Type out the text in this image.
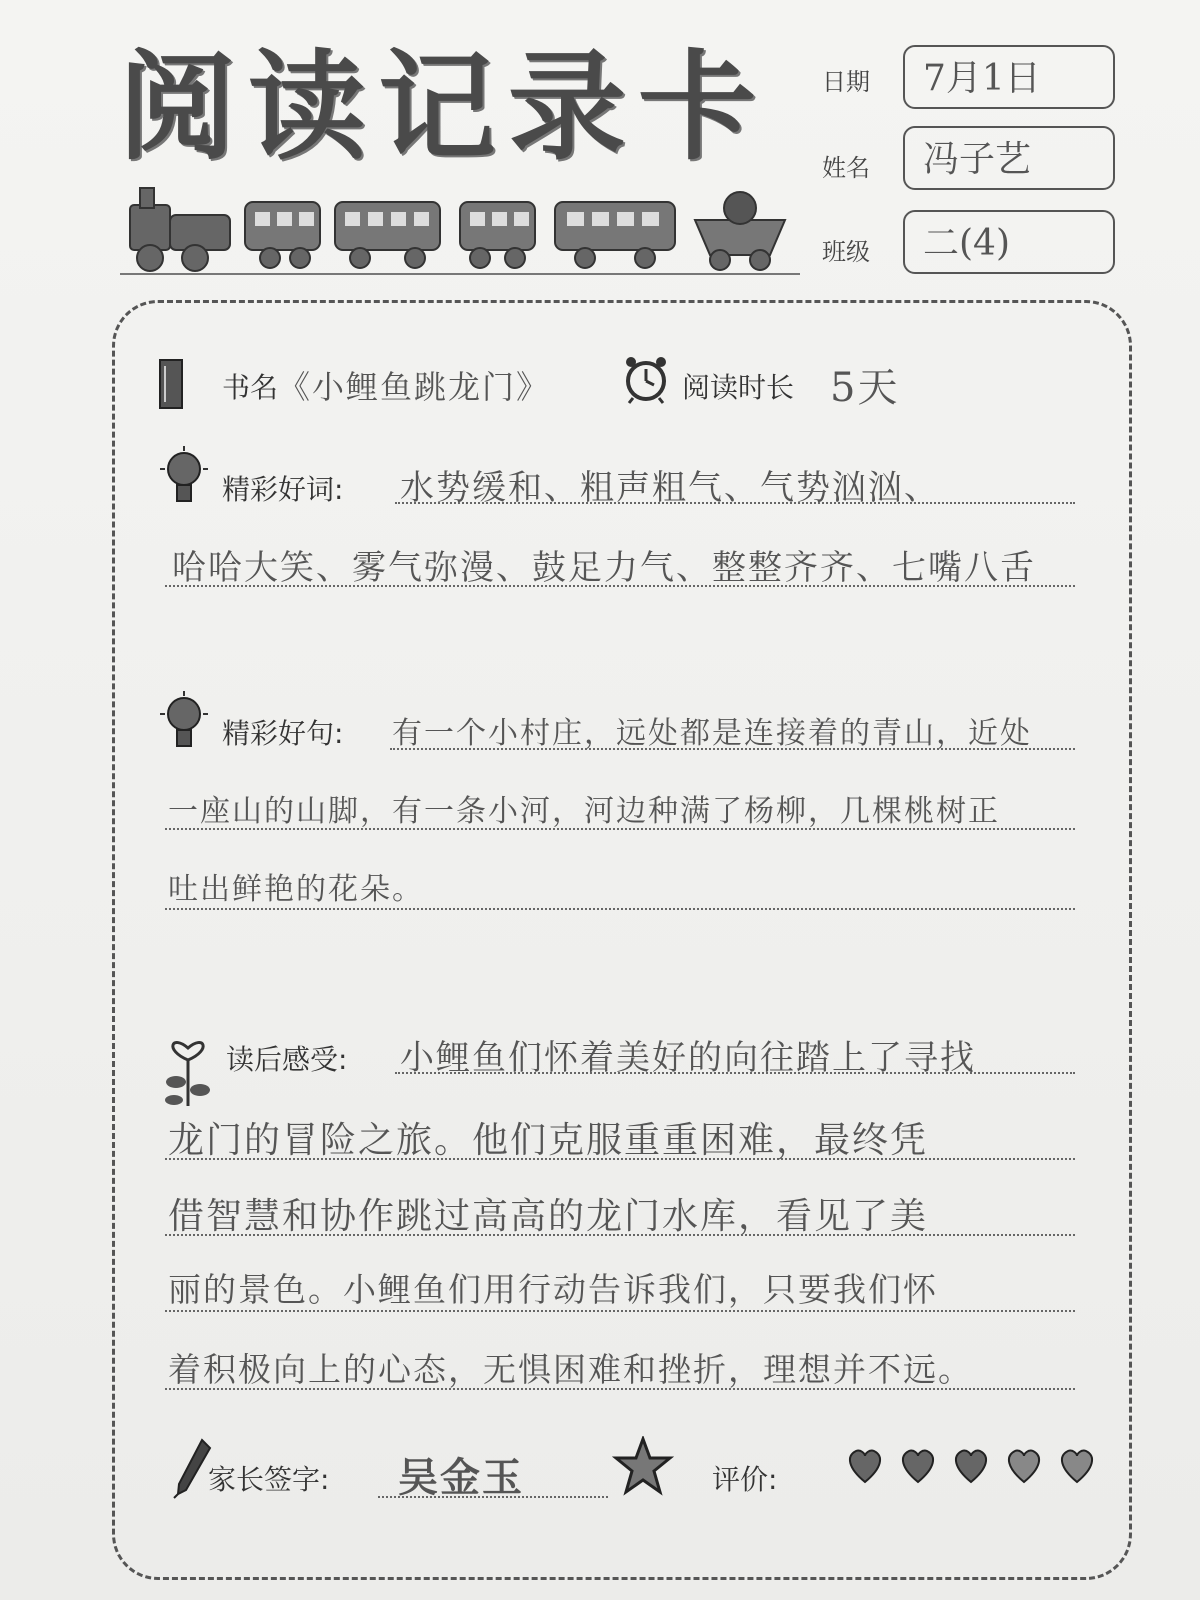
阅读记录卡 日期	7月1日
姓名	冯子艺
班级	二(4)
书名 《小鲤鱼跳龙门》	阅读时长 5天
精彩好词: 水势缓和、粗声粗气、气势汹汹、
哈哈大笑、雾气弥漫、鼓足力气、整整齐齐、七嘴八舌
精彩好句: 有一个小村庄，远处都是连接着的青山，近处
一座山的山脚，有一条小河，河边种满了杨柳，几棵桃树正
吐出鲜艳的花朵。
读后感受: 小鲤鱼们怀着美好的向往踏上了寻找
龙门的冒险之旅。他们克服重重困难，最终凭
借智慧和协作跳过高高的龙门水库，看见了美
丽的景色。小鲤鱼们用行动告诉我们，只要我们怀
着积极向上的心态，无惧困难和挫折，理想并不远。
家长签字: 吴金玉	评价:
